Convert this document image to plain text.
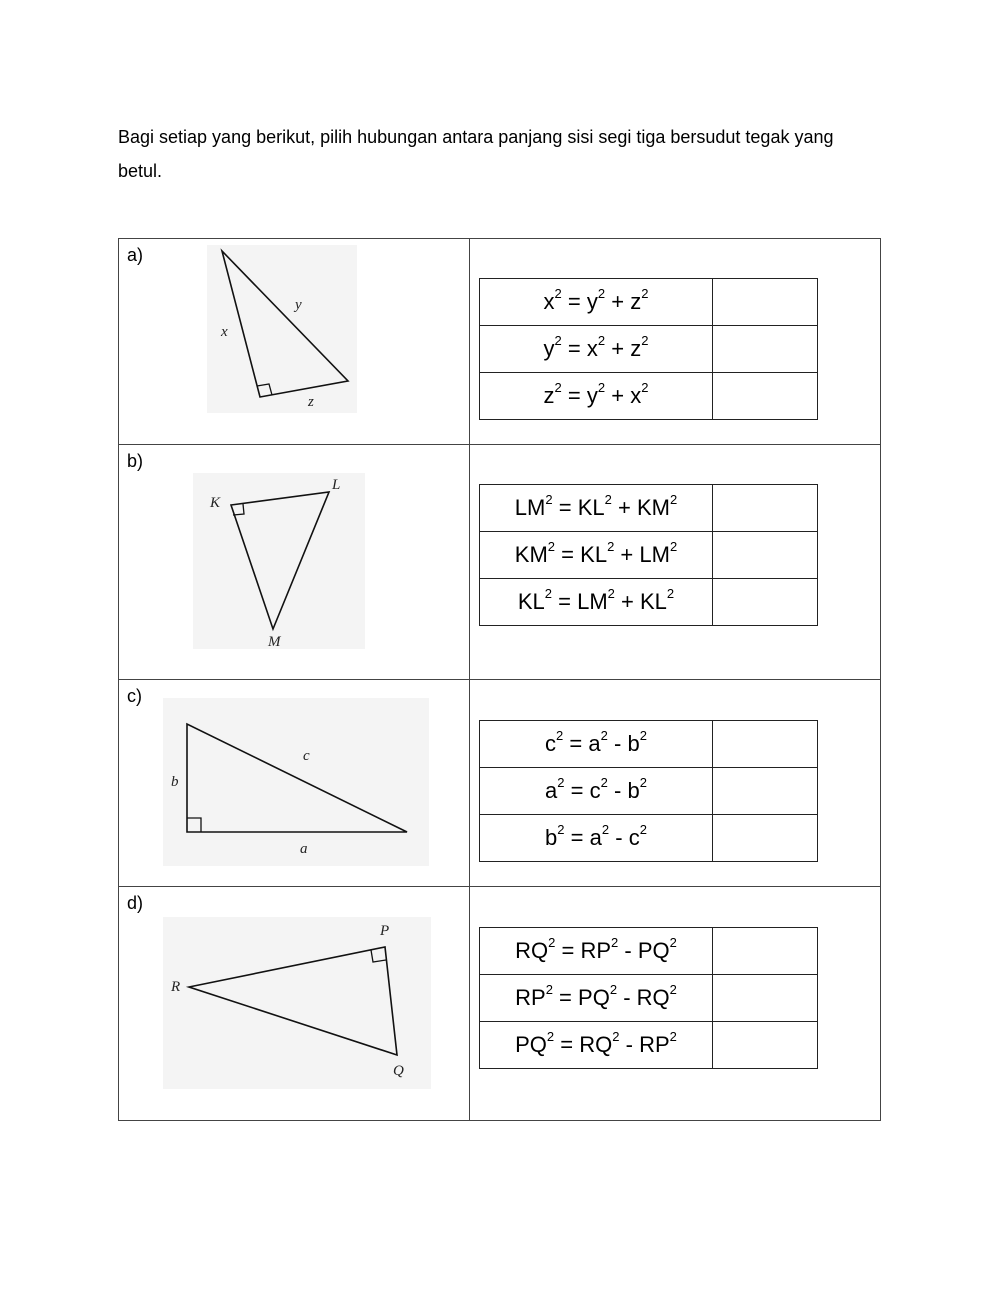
Bagi setiap yang berikut, pilih hubungan antara panjang sisi segi tiga bersudut tegak yang betul.
a)
x
y
z

$x^2 = y^2 + z^2$	
$y^2 = x^2 + z^2$	
$z^2 = y^2 + x^2$	

b)
K
L
M

$LM^2 = KL^2 + KM^2$	
$KM^2 = KL^2 + LM^2$	
$KL^2 = LM^2 + KL^2$	

c)
a
b
c
		$c^2 = a^2 - b^2$	
$a^2 = c^2 - b^2$	
$b^2 = a^2 - c^2$	

d)
P
Q
R

$RQ^2 = RP^2 - PQ^2$	
$RP^2 = PQ^2 - RQ^2$	
$PQ^2 = RQ^2 - RP^2$	
